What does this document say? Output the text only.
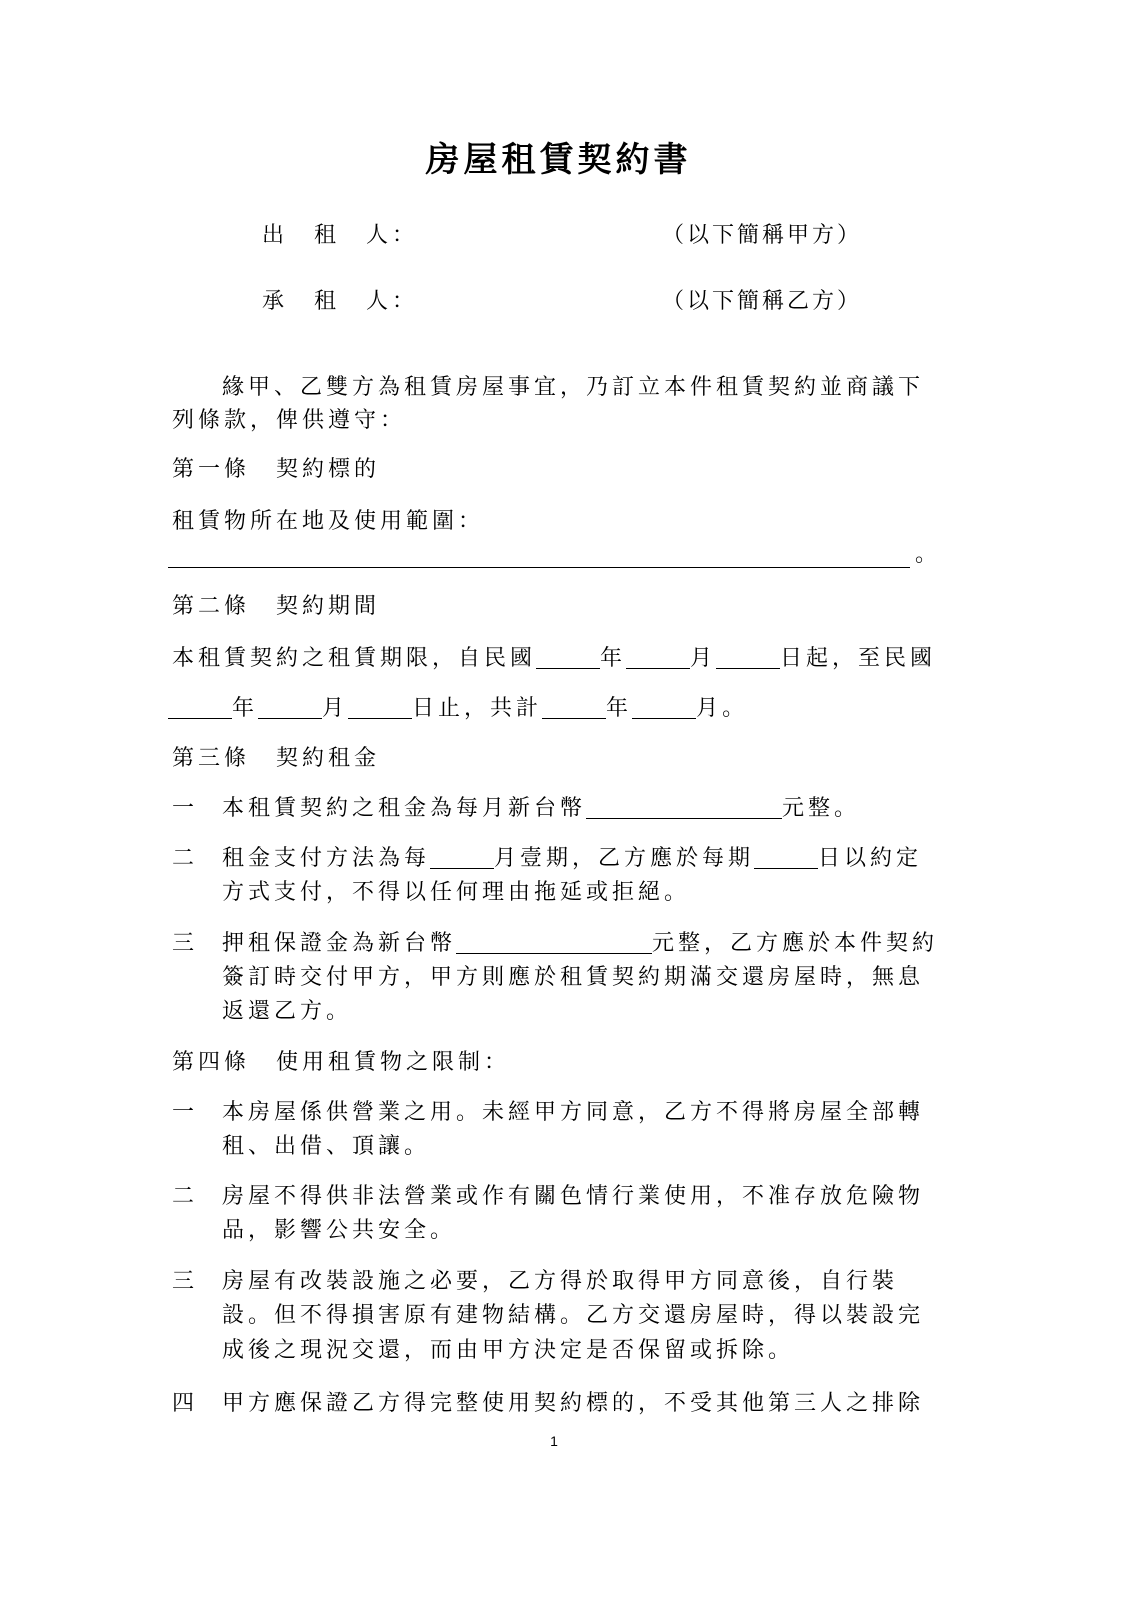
房屋租賃契約書
出　租　人：	（以下簡稱甲方）
承　租　人：	（以下簡稱乙方）
緣甲、乙雙方為租賃房屋事宜，乃訂立本件租賃契約並商議下
列條款，俾供遵守：
第一條　契約標的
租賃物所在地及使用範圍：
。
第二條　契約期間
本租賃契約之租賃期限，自民國	年	月	日起，至民國
年	月	日止，共計	年	月。
第三條　契約租金
一 本租賃契約之租金為每月新台幣	元整。
二 租金支付方法為每	月壹期，乙方應於每期	日以約定
方式支付，不得以任何理由拖延或拒絕。
三 押租保證金為新台幣	元整，乙方應於本件契約
簽訂時交付甲方，甲方則應於租賃契約期滿交還房屋時，無息
返還乙方。
第四條　使用租賃物之限制：
一 本房屋係供營業之用。未經甲方同意，乙方不得將房屋全部轉
租、出借、頂讓。
二 房屋不得供非法營業或作有關色情行業使用，不准存放危險物
品，影響公共安全。
三 房屋有改裝設施之必要，乙方得於取得甲方同意後，自行裝
設。但不得損害原有建物結構。乙方交還房屋時，得以裝設完
成後之現況交還，而由甲方決定是否保留或拆除。
四 甲方應保證乙方得完整使用契約標的，不受其他第三人之排除
1
